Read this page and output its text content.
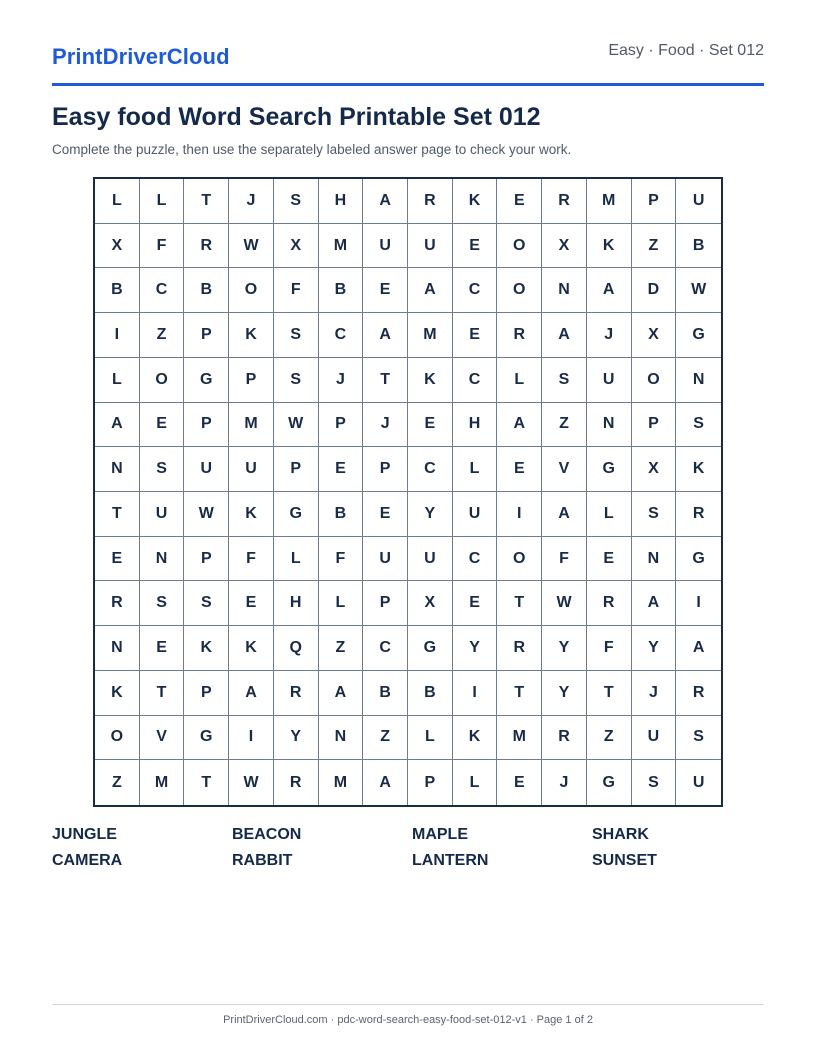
PrintDriverCloud	Easy · Food · Set 012
Easy food Word Search Printable Set 012
Complete the puzzle, then use the separately labeled answer page to check your work.
L	L	T	J	S	H	A	R	K	E	R	M	P	U
X	F	R	W	X	M	U	U	E	O	X	K	Z	B
B	C	B	O	F	B	E	A	C	O	N	A	D	W
I	Z	P	K	S	C	A	M	E	R	A	J	X	G
L	O	G	P	S	J	T	K	C	L	S	U	O	N
A	E	P	M	W	P	J	E	H	A	Z	N	P	S
N	S	U	U	P	E	P	C	L	E	V	G	X	K
T	U	W	K	G	B	E	Y	U	I	A	L	S	R
E	N	P	F	L	F	U	U	C	O	F	E	N	G
R	S	S	E	H	L	P	X	E	T	W	R	A	I
N	E	K	K	Q	Z	C	G	Y	R	Y	F	Y	A
K	T	P	A	R	A	B	B	I	T	Y	T	J	R
O	V	G	I	Y	N	Z	L	K	M	R	Z	U	S
Z	M	T	W	R	M	A	P	L	E	J	G	S	U
JUNGLE	BEACON	MAPLE	SHARK
CAMERA	RABBIT	LANTERN	SUNSET
PrintDriverCloud.com · pdc-word-search-easy-food-set-012-v1 · Page 1 of 2
